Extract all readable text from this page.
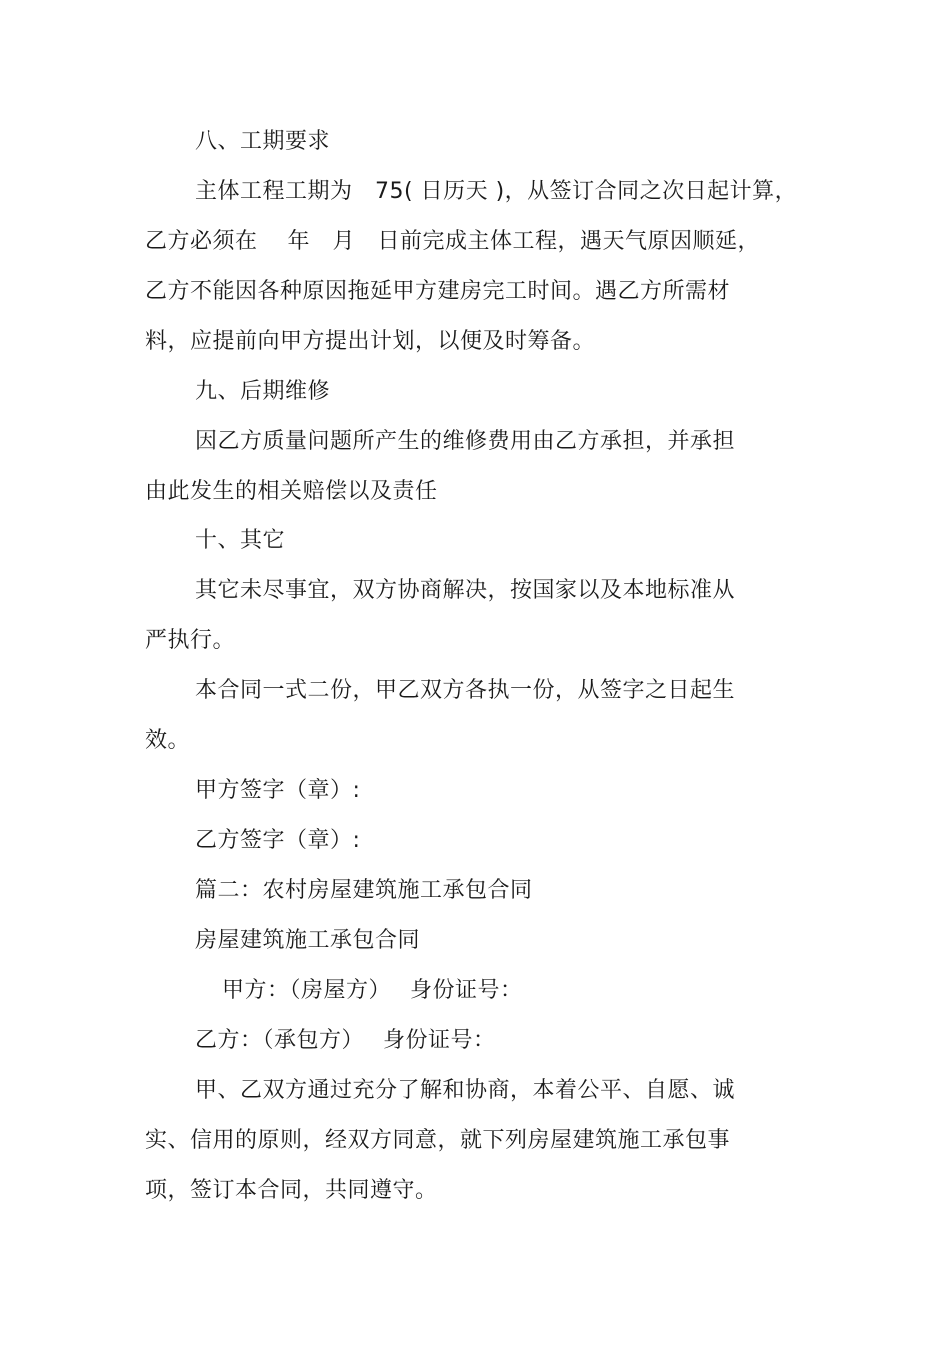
八、工期要求
主体工程工期为　75( 日历天 )，从签订合同之次日起计算，
乙方必须在　 年　月　日前完成主体工程，遇天气原因顺延，
乙方不能因各种原因拖延甲方建房完工时间。遇乙方所需材
料，应提前向甲方提出计划，以便及时筹备。
九、后期维修
因乙方质量问题所产生的维修费用由乙方承担，并承担
由此发生的相关赔偿以及责任
十、其它
其它未尽事宜，双方协商解决，按国家以及本地标准从
严执行。
本合同一式二份，甲乙双方各执一份，从签字之日起生
效。
甲方签字（章）:
乙方签字（章）:
篇二：农村房屋建筑施工承包合同
房屋建筑施工承包合同
甲方：（房屋方）　 身份证号：
乙方：（承包方）　 身份证号：
甲、乙双方通过充分了解和协商，本着公平、自愿、诚
实、信用的原则，经双方同意，就下列房屋建筑施工承包事
项，签订本合同，共同遵守。
